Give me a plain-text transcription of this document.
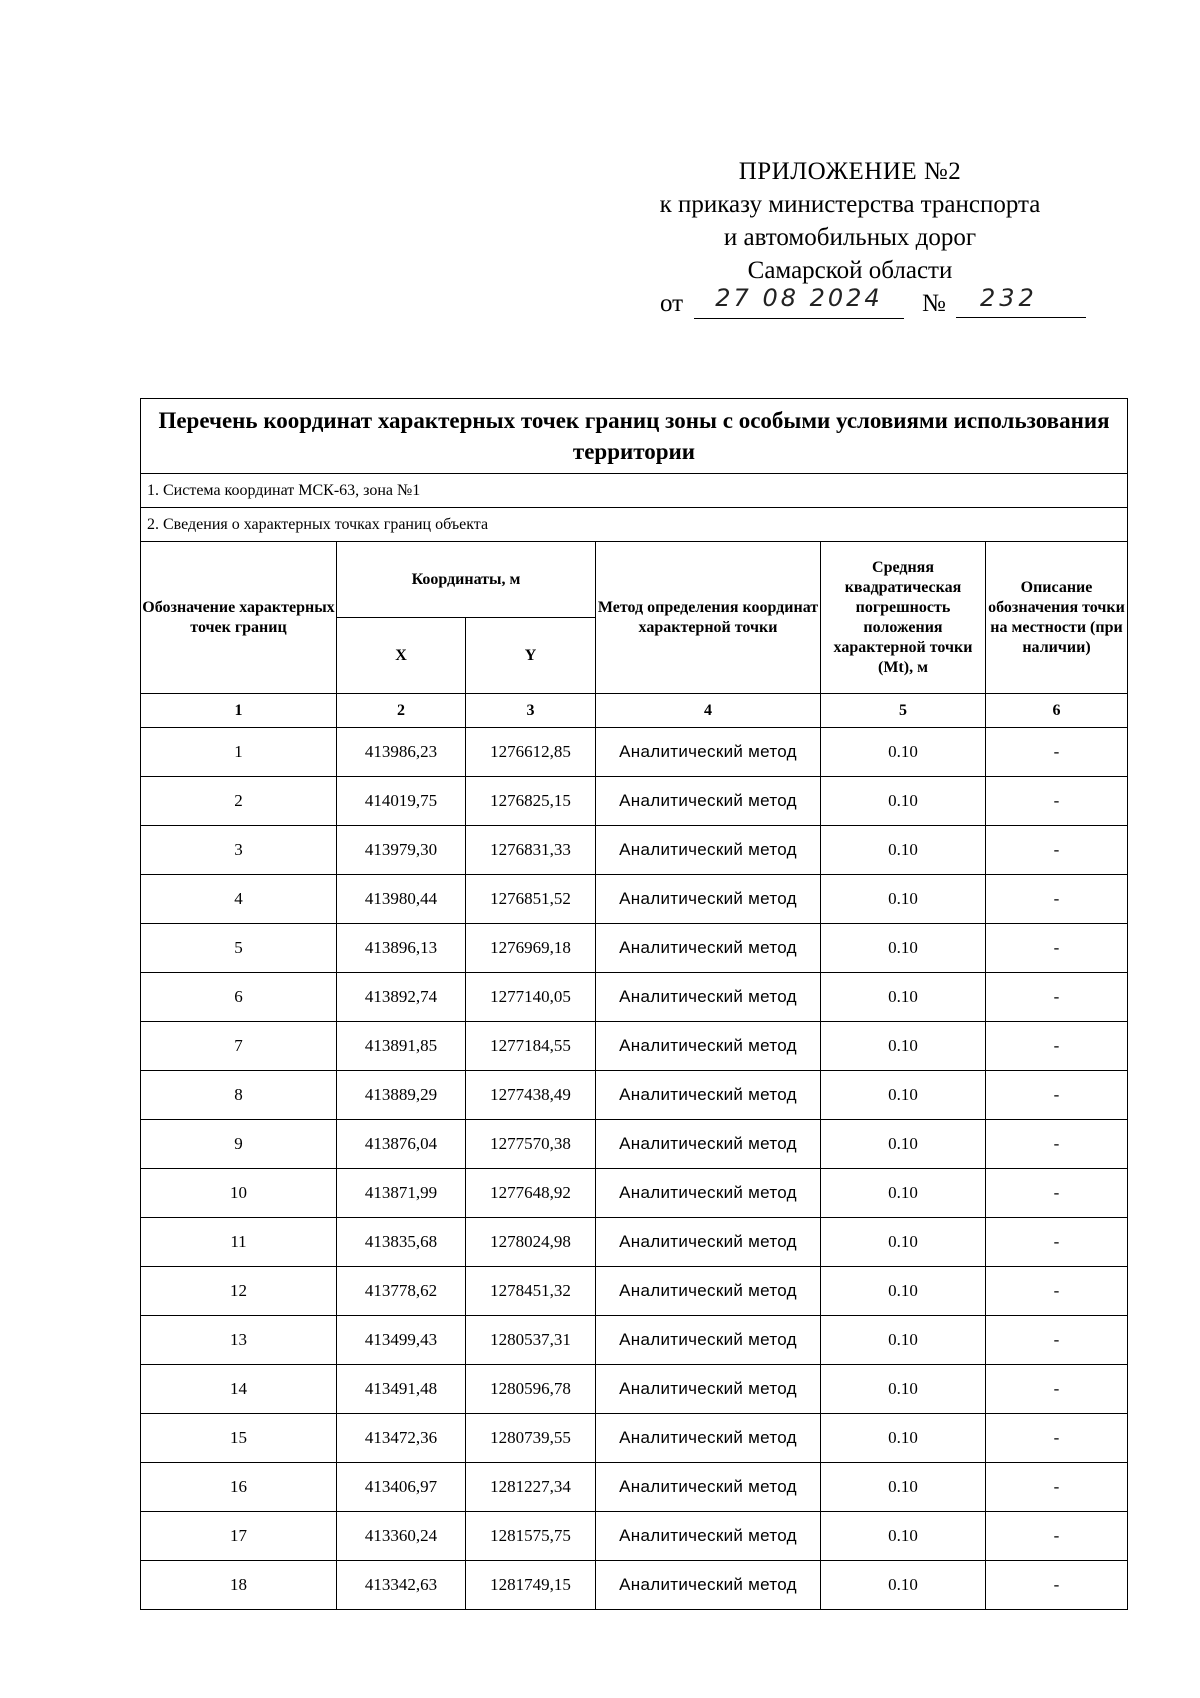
ПРИЛОЖЕНИЕ №2
к приказу министерства транспорта
и автомобильных дорог
Самарской области
от	27 08 2024	№	232
Перечень координат характерных точек границ зоны с особыми условиями использования территории					
1. Система координат МСК-63, зона №1					
2. Сведения о характерных точках границ объекта					
Обозначение характерных точек границ	Координаты, м		Метод определения координат характерной точки	Средняя квадратическая погрешность положения характерной точки (Mt), м	Описание обозначения точки на местности (при наличии)
	X	Y			
1	2	3	4	5	6
1	413986,23	1276612,85	Аналитический метод	0.10	-
2	414019,75	1276825,15	Аналитический метод	0.10	-
3	413979,30	1276831,33	Аналитический метод	0.10	-
4	413980,44	1276851,52	Аналитический метод	0.10	-
5	413896,13	1276969,18	Аналитический метод	0.10	-
6	413892,74	1277140,05	Аналитический метод	0.10	-
7	413891,85	1277184,55	Аналитический метод	0.10	-
8	413889,29	1277438,49	Аналитический метод	0.10	-
9	413876,04	1277570,38	Аналитический метод	0.10	-
10	413871,99	1277648,92	Аналитический метод	0.10	-
11	413835,68	1278024,98	Аналитический метод	0.10	-
12	413778,62	1278451,32	Аналитический метод	0.10	-
13	413499,43	1280537,31	Аналитический метод	0.10	-
14	413491,48	1280596,78	Аналитический метод	0.10	-
15	413472,36	1280739,55	Аналитический метод	0.10	-
16	413406,97	1281227,34	Аналитический метод	0.10	-
17	413360,24	1281575,75	Аналитический метод	0.10	-
18	413342,63	1281749,15	Аналитический метод	0.10	-
